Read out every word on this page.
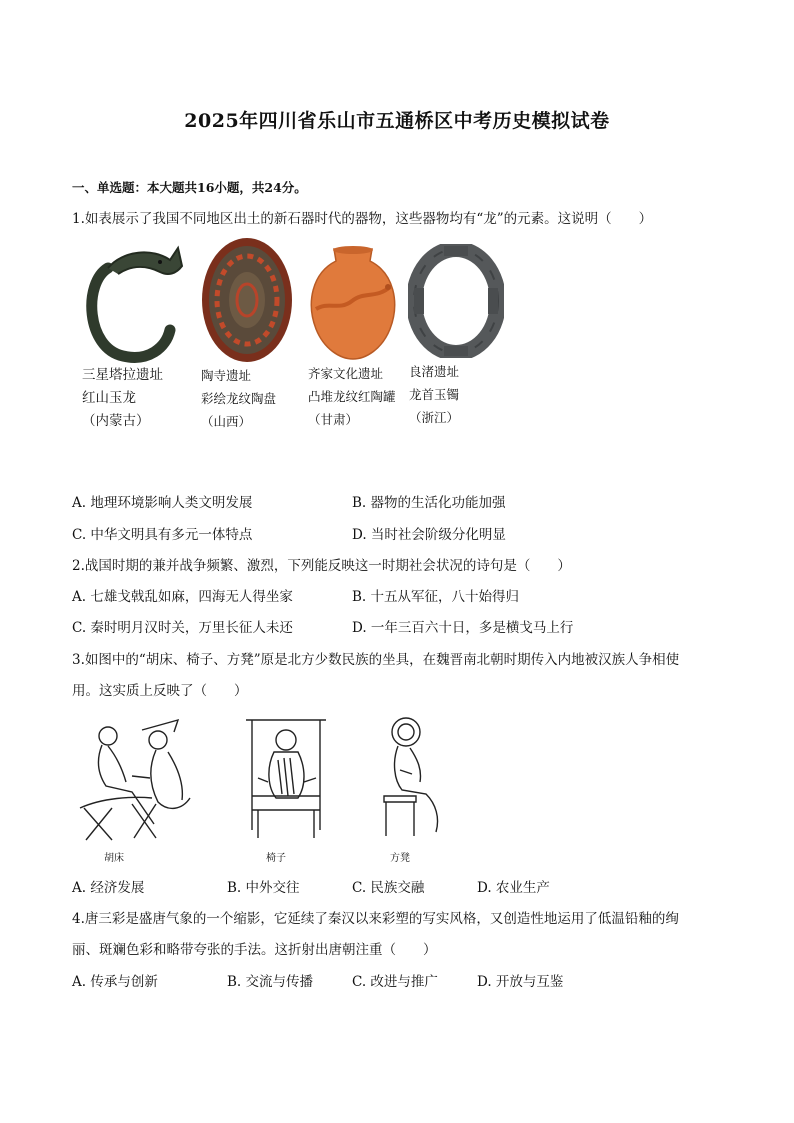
2025年四川省乐山市五通桥区中考历史模拟试卷
一、单选题：本大题共16小题，共24分。
1.如表展示了我国不同地区出土的新石器时代的器物，这些器物均有“龙”的元素。这说明（　　）
三星塔拉遗址
红山玉龙
（内蒙古）
陶寺遗址
彩绘龙纹陶盘
（山西）
齐家文化遗址
凸堆龙纹红陶罐
（甘肃）
良渚遗址
龙首玉镯
（浙江）
A. 地理环境影响人类文明发展	B. 器物的生活化功能加强
C. 中华文明具有多元一体特点	D. 当时社会阶级分化明显
2.战国时期的兼并战争频繁、激烈，下列能反映这一时期社会状况的诗句是（　　）
A. 七雄戈戟乱如麻，四海无人得坐家	B. 十五从军征，八十始得归
C. 秦时明月汉时关，万里长征人未还	D. 一年三百六十日，多是横戈马上行
3.如图中的“胡床、椅子、方凳”原是北方少数民族的坐具，在魏晋南北朝时期传入内地被汉族人争相使
用。这实质上反映了（　　）
胡床	椅子	方凳
A. 经济发展	B. 中外交往	C. 民族交融	D. 农业生产
4.唐三彩是盛唐气象的一个缩影，它延续了秦汉以来彩塑的写实风格，又创造性地运用了低温铅釉的绚
丽、斑斓色彩和略带夸张的手法。这折射出唐朝注重（　　）
A. 传承与创新	B. 交流与传播	C. 改进与推广	D. 开放与互鉴
